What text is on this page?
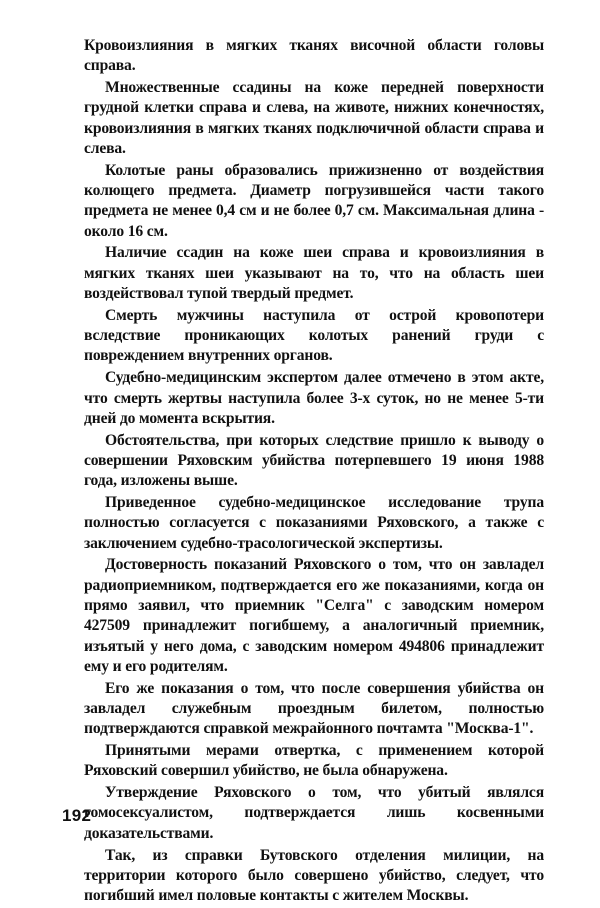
Кровоизлияния в мягких тканях височной области головы справа.

Множественные ссадины на коже передней поверхности грудной клетки справа и слева, на животе, нижних конечностях, кровоизлияния в мягких тканях подключичной области справа и слева.

Колотые раны образовались прижизненно от воздействия колющего предмета. Диаметр погрузившейся части такого предмета не менее 0,4 см и не более 0,7 см. Максимальная длина - около 16 см.

Наличие ссадин на коже шеи справа и кровоизлияния в мягких тканях шеи указывают на то, что на область шеи воздействовал тупой твердый предмет.

Смерть мужчины наступила от острой кровопотери вследствие проникающих колотых ранений груди с повреждением внутренних органов.

Судебно-медицинским экспертом далее отмечено в этом акте, что смерть жертвы наступила более 3-х суток, но не менее 5-ти дней до момента вскрытия.

Обстоятельства, при которых следствие пришло к выводу о совершении Ряховским убийства потерпевшего 19 июня 1988 года, изложены выше.

Приведенное судебно-медицинское исследование трупа полностью согласуется с показаниями Ряховского, а также с заключением судебно-трасологической экспертизы.

Достоверность показаний Ряховского о том, что он завладел радиоприемником, подтверждается его же показаниями, когда он прямо заявил, что приемник "Селга" с заводским номером 427509 принадлежит погибшему, а аналогичный приемник, изъятый у него дома, с заводским номером 494806 принадлежит ему и его родителям.

Его же показания о том, что после совершения убийства он завладел служебным проездным билетом, полностью подтверждаются справкой межрайонного почтамта "Москва-1".

Принятыми мерами отвертка, с применением которой Ряховский совершил убийство, не была обнаружена.

Утверждение Ряховского о том, что убитый являлся гомосексуалистом, подтверждается лишь косвенными доказательствами.

Так, из справки Бутовского отделения милиции, на территории которого было совершено убийство, следует, что погибший имел половые контакты с жителем Москвы.

192
